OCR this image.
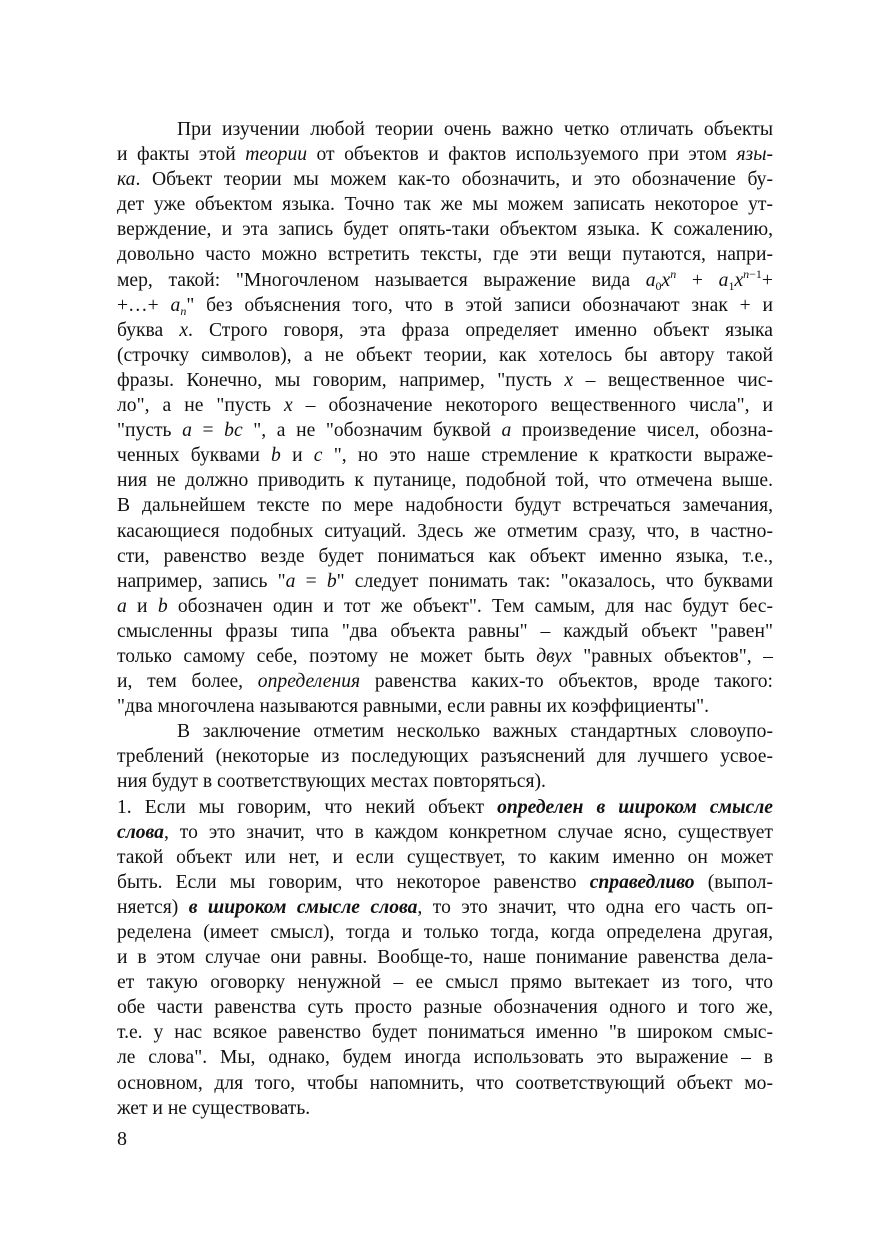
При изучении любой теории очень важно четко отличать объекты
и факты этой теории от объектов и фактов используемого при этом язы-
ка. Объект теории мы можем как-то обозначить, и это обозначение бу-
дет уже объектом языка. Точно так же мы можем записать некоторое ут-
верждение, и эта запись будет опять-таки объектом языка. К сожалению,
довольно часто можно встретить тексты, где эти вещи путаются, напри-
мер, такой: "Многочленом называется выражение вида $a_0x^n + a_1x^{n-1}+$
+…+ $a_n$" без объяснения того, что в этой записи обозначают знак + и
буква x. Строго говоря, эта фраза определяет именно объект языка
(строчку символов), а не объект теории, как хотелось бы автору такой
фразы. Конечно, мы говорим, например, "пусть x – вещественное чис-
ло", а не "пусть x – обозначение некоторого вещественного числа", и
"пусть a = bc ", а не "обозначим буквой a произведение чисел, обозна-
ченных буквами b и c ", но это наше стремление к краткости выраже-
ния не должно приводить к путанице, подобной той, что отмечена выше.
В дальнейшем тексте по мере надобности будут встречаться замечания,
касающиеся подобных ситуаций. Здесь же отметим сразу, что, в частно-
сти, равенство везде будет пониматься как объект именно языка, т.е.,
например, запись "a = b" следует понимать так: "оказалось, что буквами
a и b обозначен один и тот же объект". Тем самым, для нас будут бес-
смысленны фразы типа "два объекта равны" – каждый объект "равен"
только самому себе, поэтому не может быть двух "равных объектов", –
и, тем более, определения равенства каких-то объектов, вроде такого:
"два многочлена называются равными, если равны их коэффициенты".
В заключение отметим несколько важных стандартных словоупо-
треблений (некоторые из последующих разъяснений для лучшего усвое-
ния будут в соответствующих местах повторяться).
1. Если мы говорим, что некий объект определен в широком смысле
слова, то это значит, что в каждом конкретном случае ясно, существует
такой объект или нет, и если существует, то каким именно он может
быть. Если мы говорим, что некоторое равенство справедливо (выпол-
няется) в широком смысле слова, то это значит, что одна его часть оп-
ределена (имеет смысл), тогда и только тогда, когда определена другая,
и в этом случае они равны. Вообще-то, наше понимание равенства дела-
ет такую оговорку ненужной – ее смысл прямо вытекает из того, что
обе части равенства суть просто разные обозначения одного и того же,
т.е. у нас всякое равенство будет пониматься именно "в широком смыс-
ле слова". Мы, однако, будем иногда использовать это выражение – в
основном, для того, чтобы напомнить, что соответствующий объект мо-
жет и не существовать.
8
